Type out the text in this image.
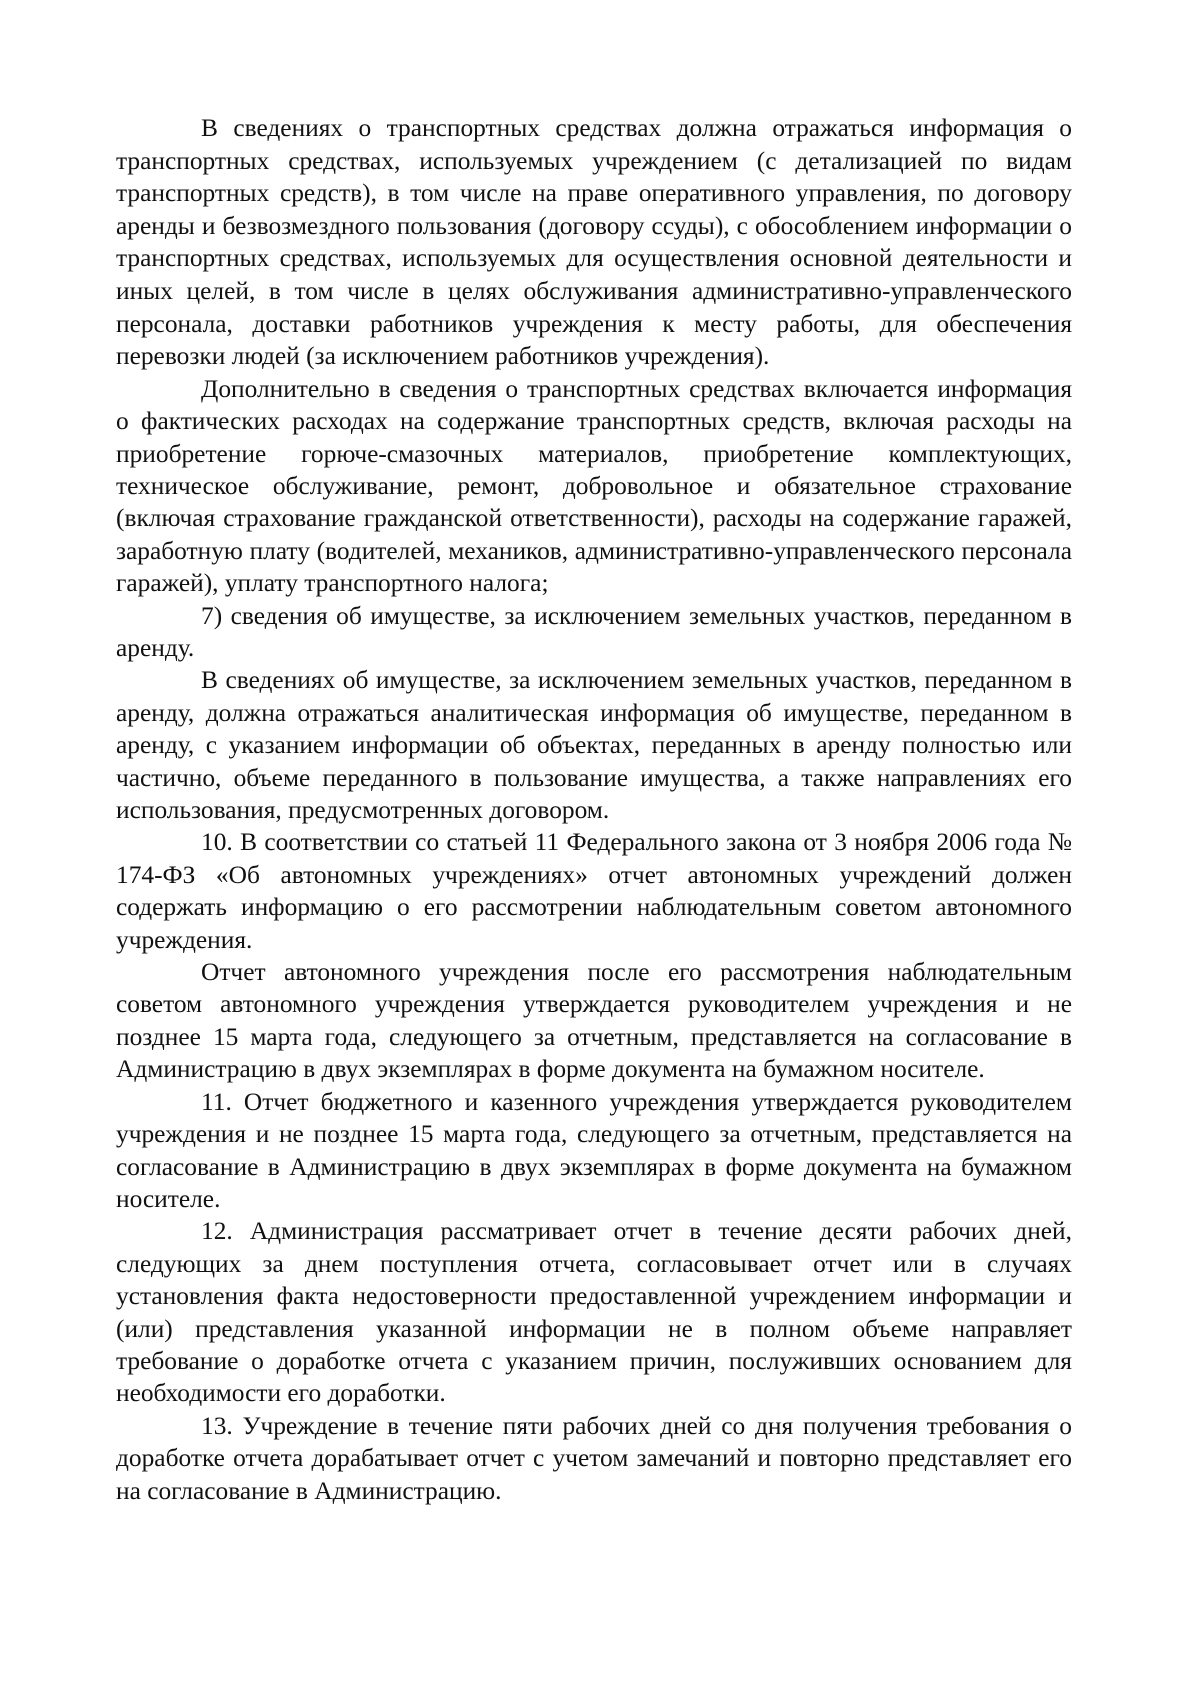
В сведениях о транспортных средствах должна отражаться информация о транспортных средствах, используемых учреждением (с детализацией по видам транспортных средств), в том числе на праве оперативного управления, по договору аренды и безвозмездного пользования (договору ссуды), с обособлением информации о транспортных средствах, используемых для осуществления основной деятельности и иных целей, в том числе в целях обслуживания административно-управленческого персонала, доставки работников учреждения к месту работы, для обеспечения перевозки людей (за исключением работников учреждения).

Дополнительно в сведения о транспортных средствах включается информация о фактических расходах на содержание транспортных средств, включая расходы на приобретение горюче-смазочных материалов, приобретение комплектующих, техническое обслуживание, ремонт, добровольное и обязательное страхование (включая страхование гражданской ответственности), расходы на содержание гаражей, заработную плату (водителей, механиков, административно-управленческого персонала гаражей), уплату транспортного налога;

7) сведения об имуществе, за исключением земельных участков, переданном в аренду.

В сведениях об имуществе, за исключением земельных участков, переданном в аренду, должна отражаться аналитическая информация об имуществе, переданном в аренду, с указанием информации об объектах, переданных в аренду полностью или частично, объеме переданного в пользование имущества, а также направлениях его использования, предусмотренных договором.

10. В соответствии со статьей 11 Федерального закона от 3 ноября 2006 года № 174-ФЗ «Об автономных учреждениях» отчет автономных учреждений должен содержать информацию о его рассмотрении наблюдательным советом автономного учреждения.

Отчет автономного учреждения после его рассмотрения наблюдательным советом автономного учреждения утверждается руководителем учреждения и не позднее 15 марта года, следующего за отчетным, представляется на согласование в Администрацию в двух экземплярах в форме документа на бумажном носителе.

11. Отчет бюджетного и казенного учреждения утверждается руководителем учреждения и не позднее 15 марта года, следующего за отчетным, представляется на согласование в Администрацию в двух экземплярах в форме документа на бумажном носителе.

12. Администрация рассматривает отчет в течение десяти рабочих дней, следующих за днем поступления отчета, согласовывает отчет или в случаях установления факта недостоверности предоставленной учреждением информации и (или) представления указанной информации не в полном объеме направляет требование о доработке отчета с указанием причин, послуживших основанием для необходимости его доработки.

13. Учреждение в течение пяти рабочих дней со дня получения требования о доработке отчета дорабатывает отчет с учетом замечаний и повторно представляет его на согласование в Администрацию.
